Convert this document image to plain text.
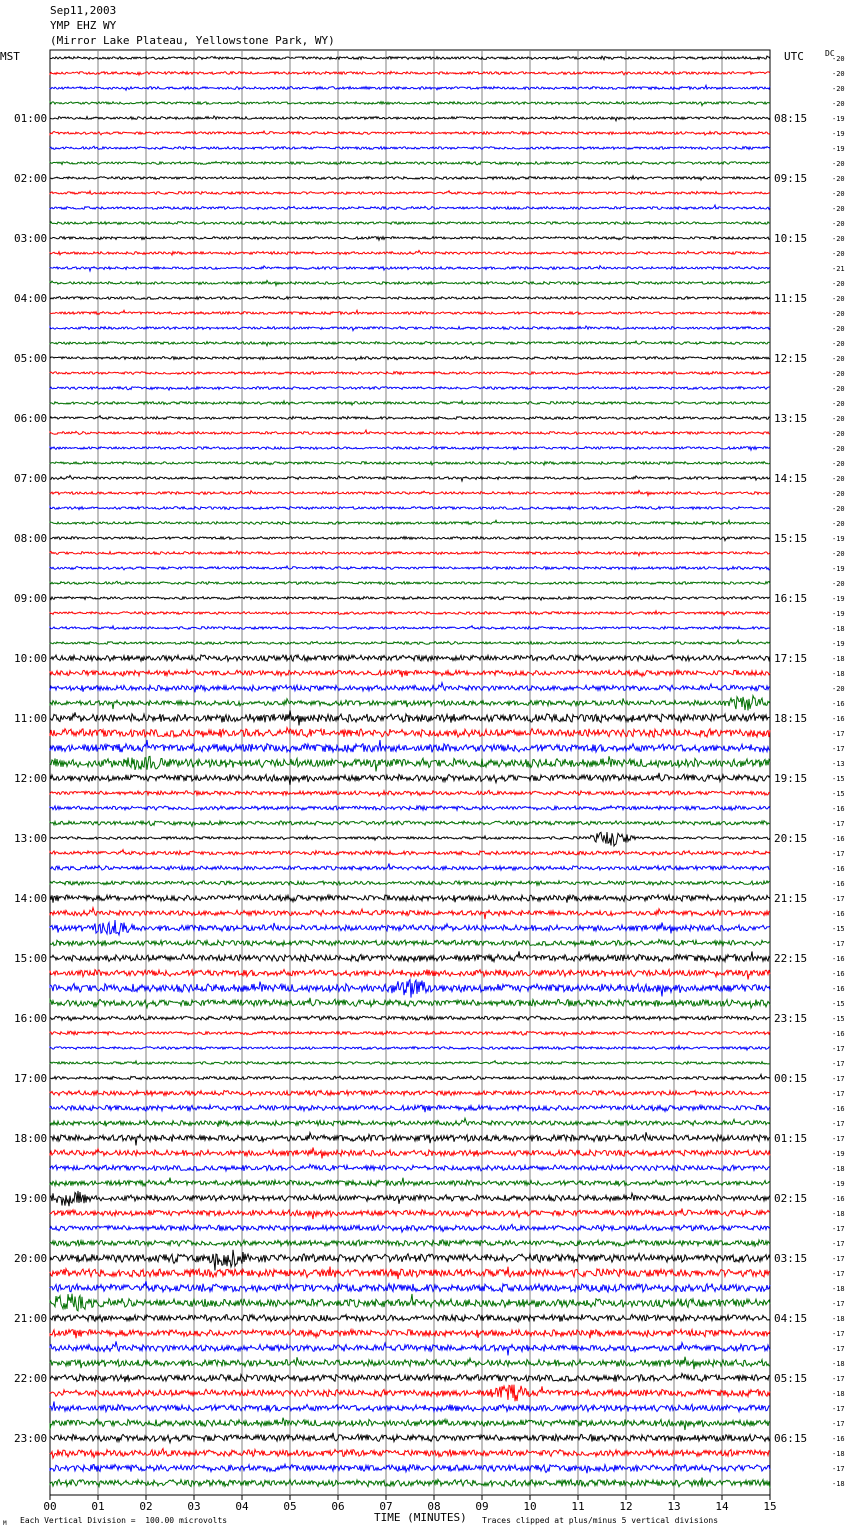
Sep11,2003
YMP EHZ WY
(Mirror Lake Plateau, Yellowstone Park, WY)
MST	UTC	DC
00	01	02	03	04	05	06	07	08	09	10	11	12	13	14	15
-20
-20
-20
-20
-19
-19
-19
-20
-20
-20
-20
-20
-20
-20
-21
-20
-20
-20
-20
-20
-20
-20
-20
-20
-20
-20
-20
-20
-20
-20
-20
-20
-19
-20
-19
-20
-19
-19
-18
-19
-18
-18
-20
-16
-16
-17
-17
-13
-15
-15
-16
-17
-16
-17
-16
-16
-17
-16
-15
-17
-16
-16
-16
-15
-15
-16
-17
-17
-17
-17
-16
-17
-17
-19
-18
-19
-16
-18
-17
-17
-17
-17
-18
-17
-18
-17
-17
-18
-17
-18
-17
-17
-16
-18
-17
-18
01:00	08:15
02:00	09:15
03:00	10:15
04:00	11:15
05:00	12:15
06:00	13:15
07:00	14:15
08:00	15:15
09:00	16:15
10:00	17:15
11:00	18:15
12:00	19:15
13:00	20:15
14:00	21:15
15:00	22:15
16:00	23:15
17:00	00:15
18:00	01:15
19:00	02:15
20:00	03:15
21:00	04:15
22:00	05:15
23:00	06:15
TIME (MINUTES)
Each Vertical Division =  100.00 microvolts	Traces clipped at plus/minus 5 vertical divisions
M
